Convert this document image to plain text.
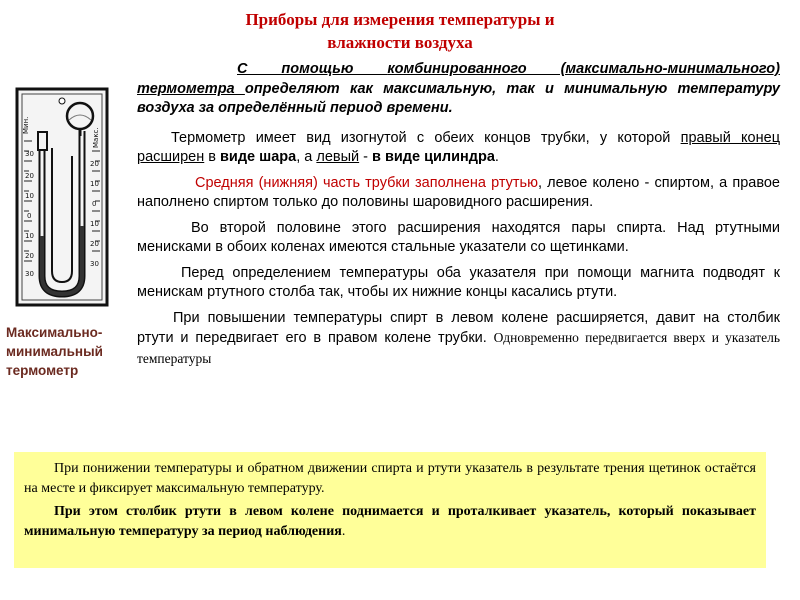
Приборы для измерения температуры и
влажности воздуха
Мин.
Макс.
30
20
10
0
10
20
30
20
10
0
10
20
30
Максимально-
минимальный
термометр

С помощью комбинированного (максимально-минимального) термометра определяют как максимальную, так и минимальную температуру воздуха за определённый период времени.

Термометр имеет вид изогнутой с обеих концов трубки, у которой правый конец расширен в виде шара, а левый - в виде цилиндра.

Средняя (нижняя) часть трубки заполнена ртутью, левое колено - спиртом, а правое наполнено спиртом только до половины шаровидного расширения.

Во второй половине этого расширения находятся пары спирта. Над ртутными менисками в обоих коленах имеются стальные указатели со щетинками.

Перед определением температуры оба указателя при помощи магнита подводят к менискам ртутного столба так, чтобы их нижние концы касались ртути.

При повышении температуры спирт в левом колене расширяется, давит на столбик ртути и передвигает его в правом колене трубки. Одновременно передвигается вверх и указатель температуры

При понижении температуры и обратном движении спирта и ртути указатель в результате трения щетинок остаётся на месте и фиксирует максимальную температуру.

При этом столбик ртути в левом колене поднимается и проталкивает указатель, который показывает минимальную температуру за период наблюдения.
